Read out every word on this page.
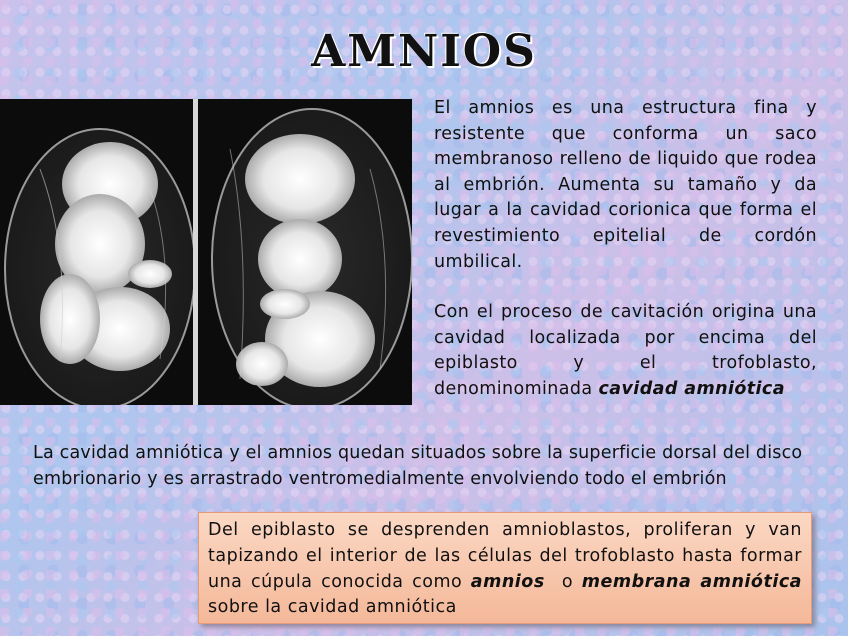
AMNIOS

El amnios es una estructura fina y resistente que conforma un saco membranoso relleno de liquido que rodea al embrión. Aumenta su tamaño y da lugar a la cavidad corionica que forma el revestimiento epitelial de cordón umbilical.

Con el proceso de cavitación origina una cavidad localizada por encima del epiblasto y el trofoblasto, denominominada cavidad amniótica

La cavidad amniótica y el amnios quedan situados sobre la superficie dorsal del disco embrionario y es arrastrado ventromedialmente envolviendo todo el embrión
Del epiblasto se desprenden amnioblastos, proliferan y van tapizando el interior de las células del trofoblasto hasta formar una cúpula conocida como amnios  o membrana amniótica sobre la cavidad amniótica
